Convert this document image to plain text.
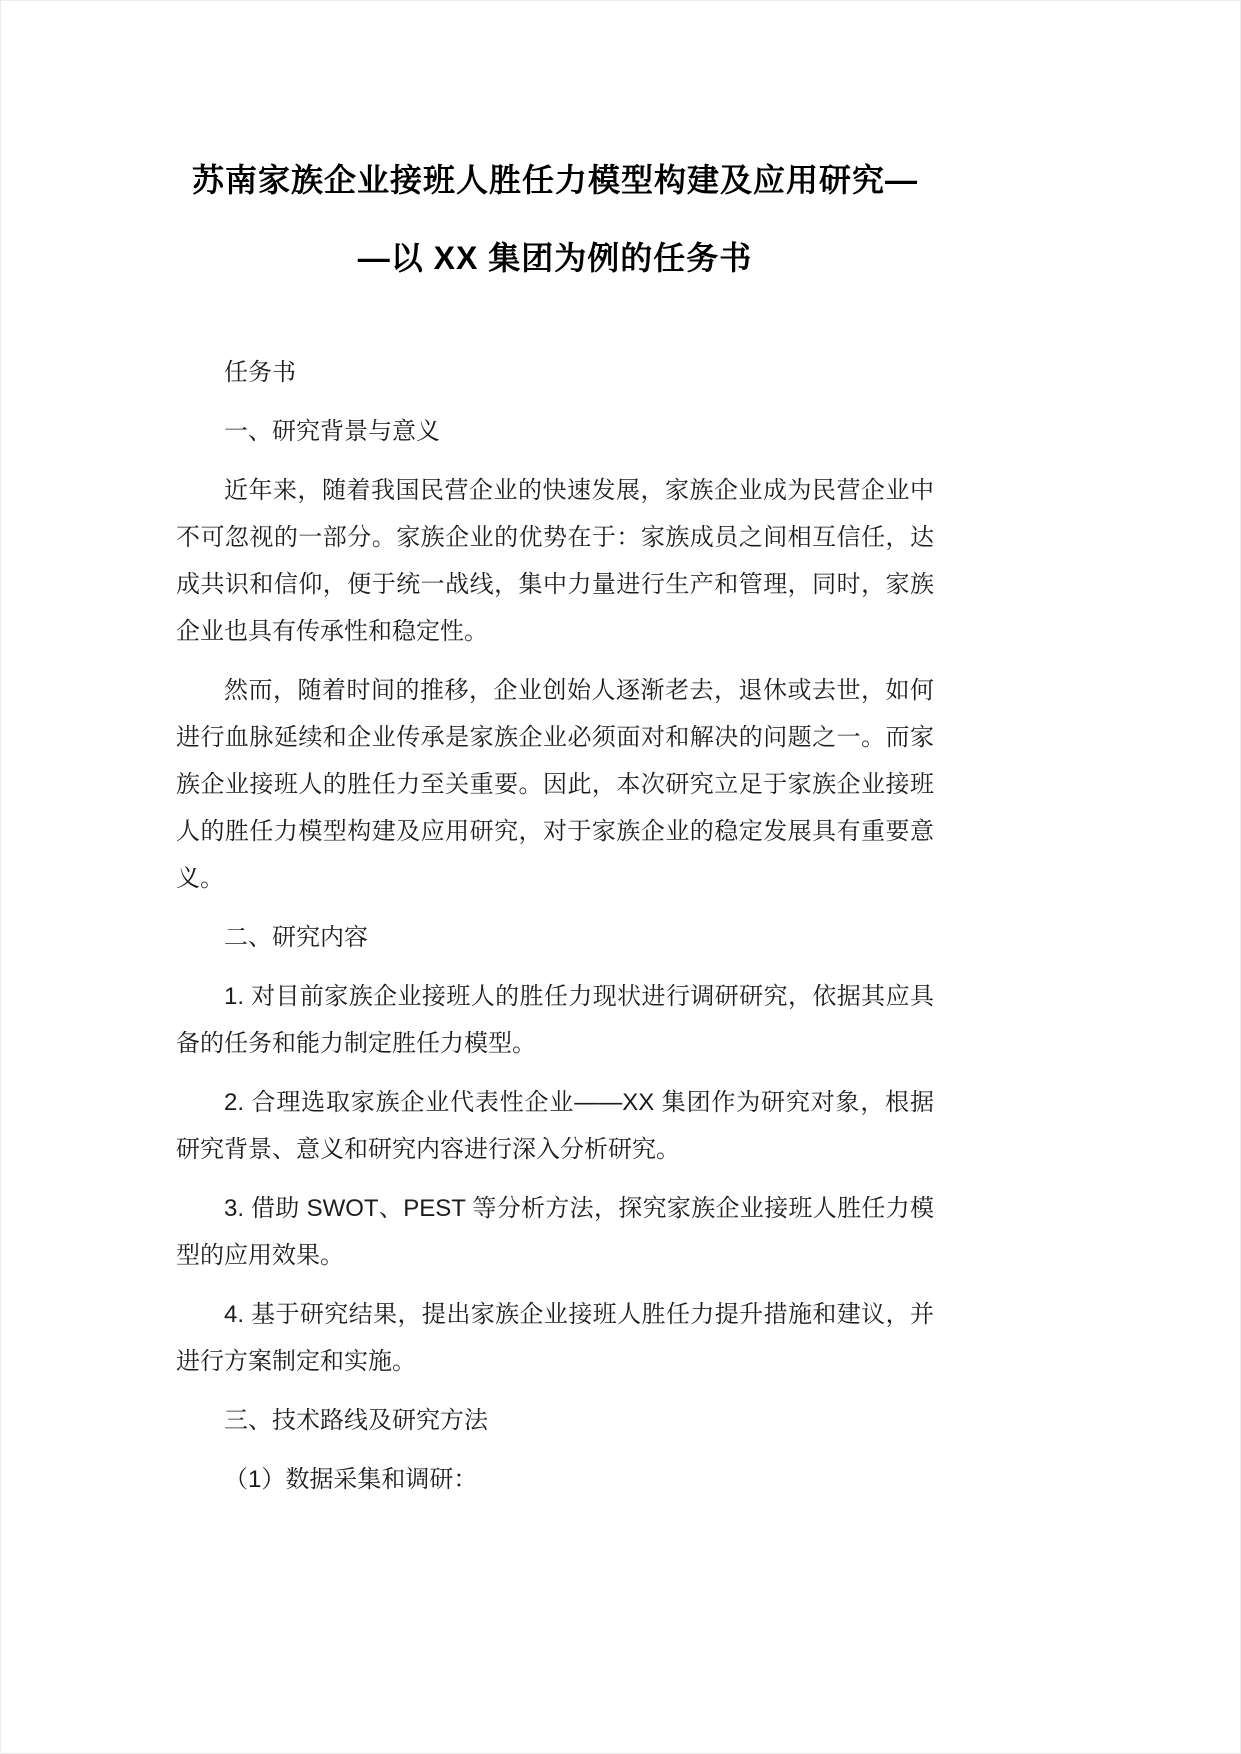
苏南家族企业接班人胜任力模型构建及应用研究—
—以 XX 集团为例的任务书

任务书

一、研究背景与意义

近年来，随着我国民营企业的快速发展，家族企业成为民营企业中不可忽视的一部分。家族企业的优势在于：家族成员之间相互信任，达成共识和信仰，便于统一战线，集中力量进行生产和管理，同时，家族企业也具有传承性和稳定性。

然而，随着时间的推移，企业创始人逐渐老去，退休或去世，如何进行血脉延续和企业传承是家族企业必须面对和解决的问题之一。而家族企业接班人的胜任力至关重要。因此，本次研究立足于家族企业接班人的胜任力模型构建及应用研究，对于家族企业的稳定发展具有重要意义。

二、研究内容

1. 对目前家族企业接班人的胜任力现状进行调研研究，依据其应具备的任务和能力制定胜任力模型。

2. 合理选取家族企业代表性企业——XX 集团作为研究对象，根据研究背景、意义和研究内容进行深入分析研究。

3. 借助 SWOT、PEST 等分析方法，探究家族企业接班人胜任力模型的应用效果。

4. 基于研究结果，提出家族企业接班人胜任力提升措施和建议，并进行方案制定和实施。

三、技术路线及研究方法

（1）数据采集和调研：
